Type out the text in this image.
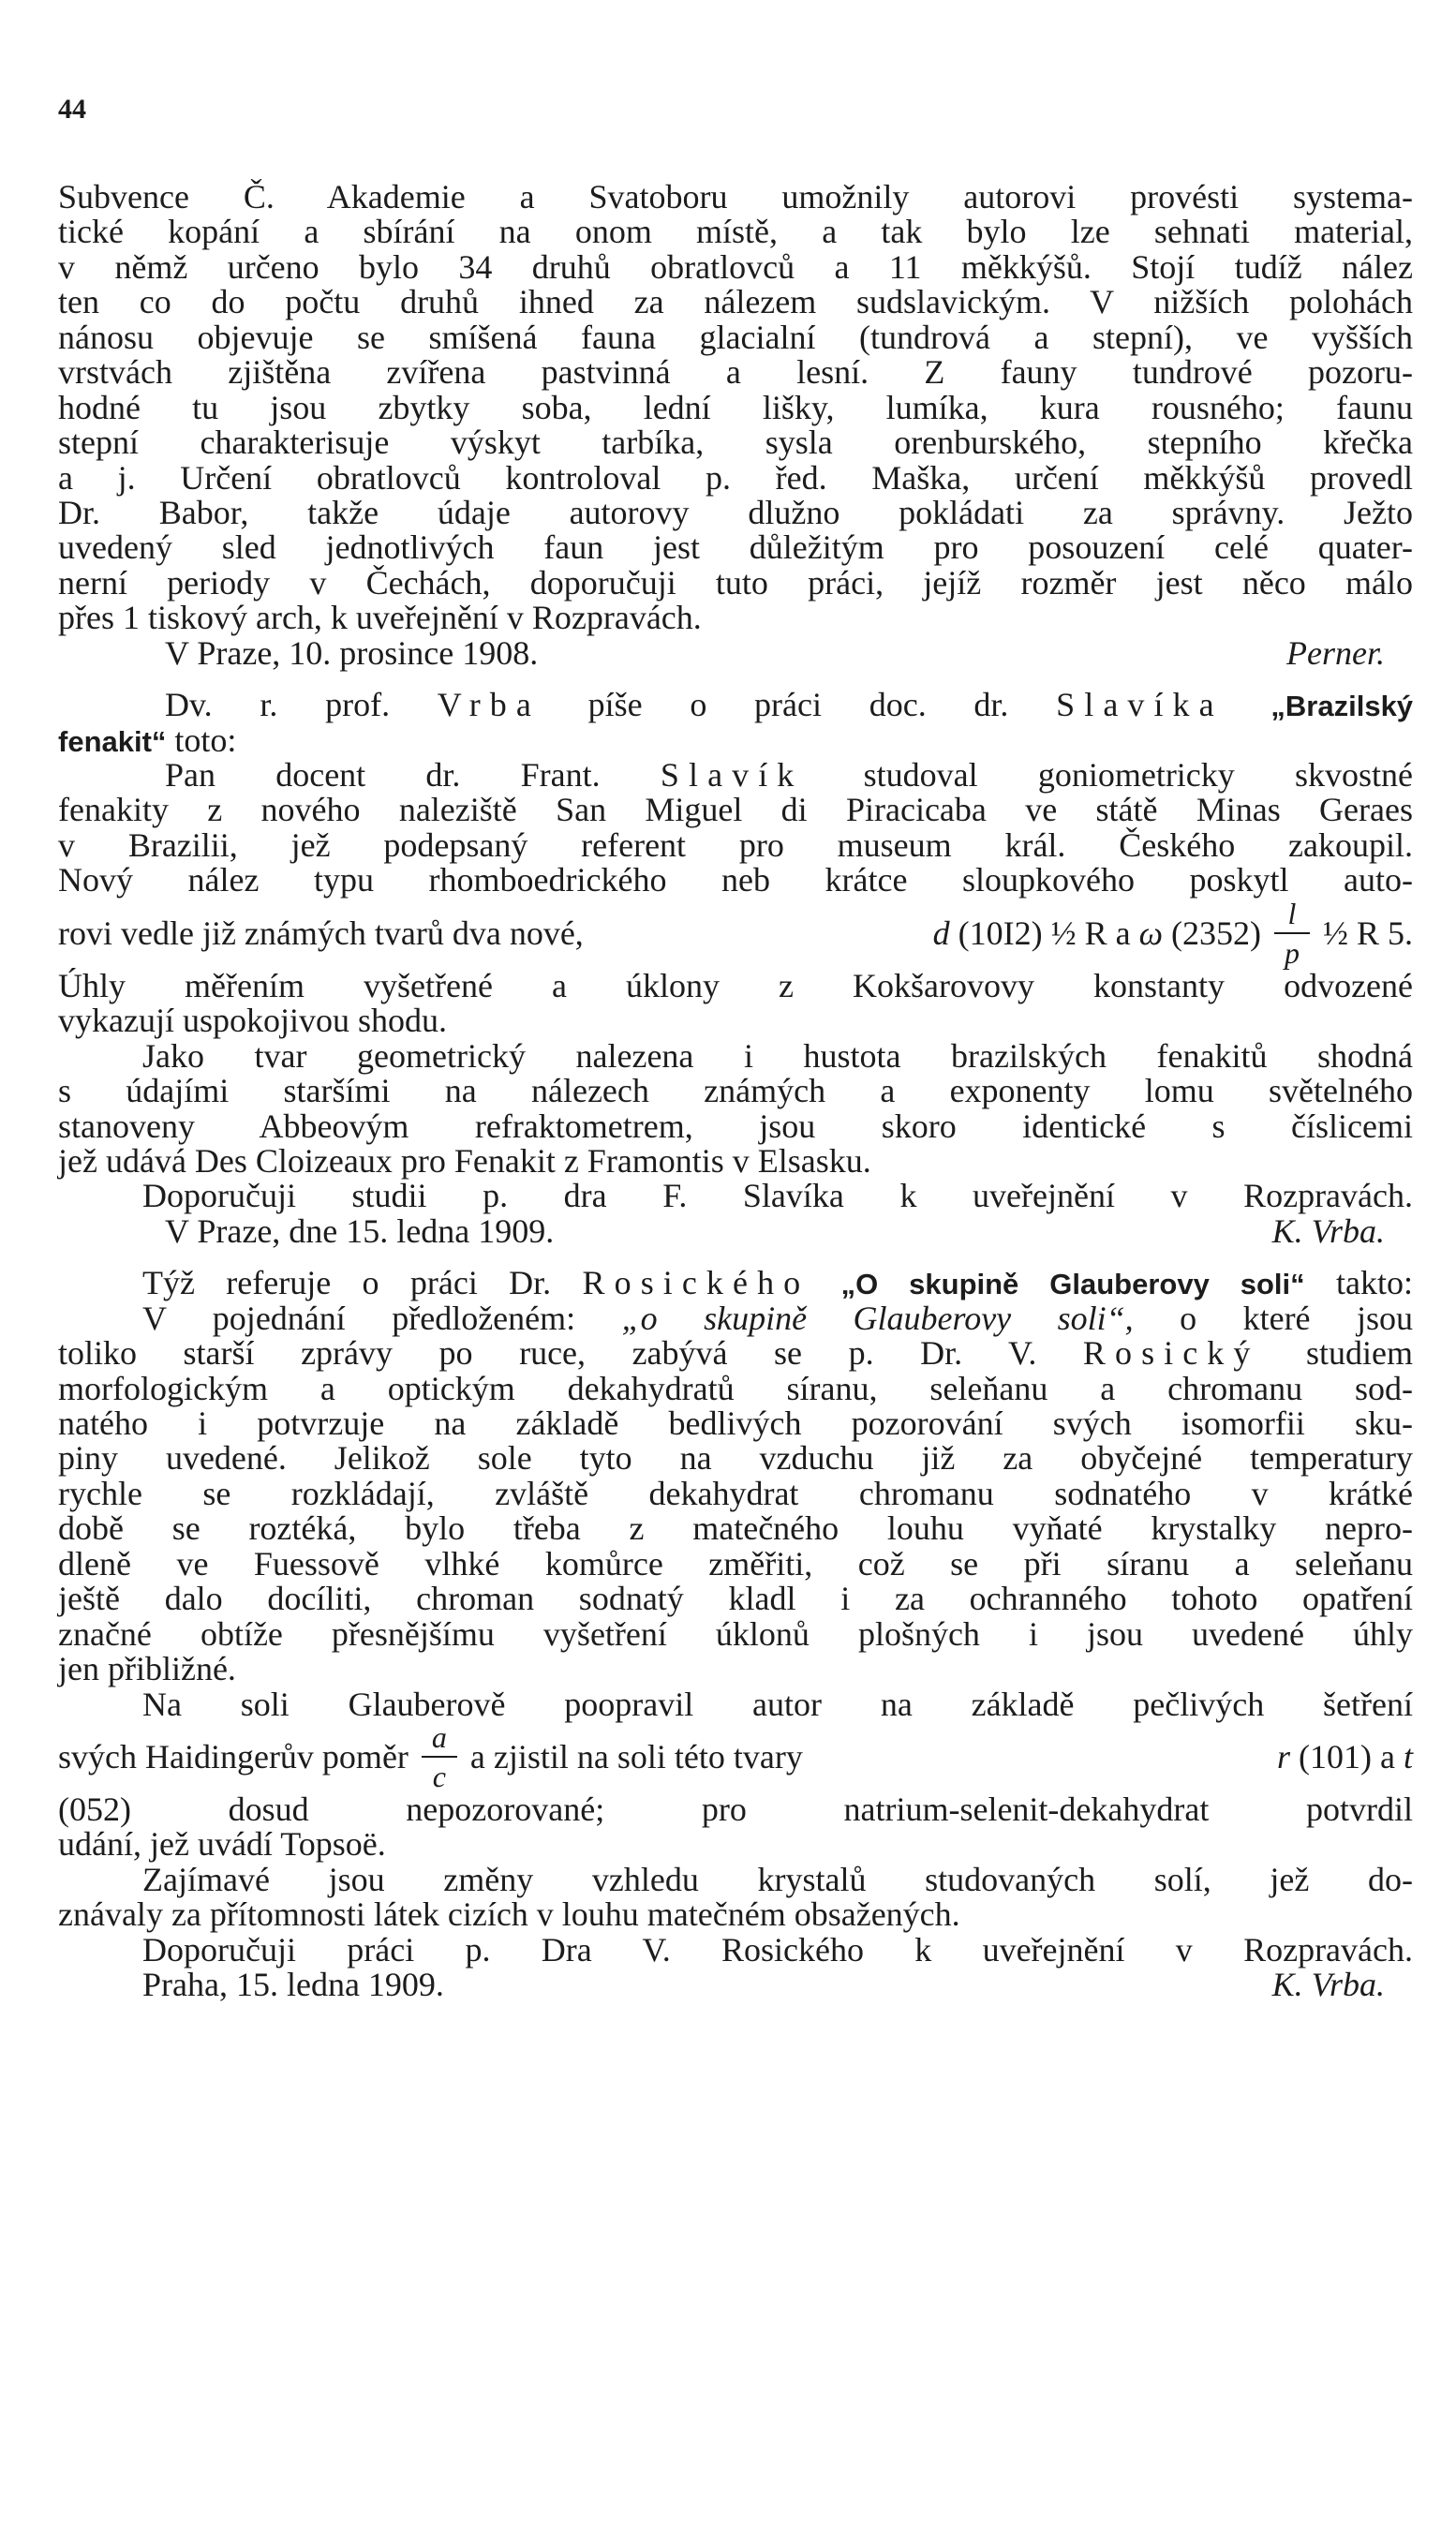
44
Subvence Č. Akademie a Svatoboru umožnily autorovi provésti systema-
tické kopání a sbírání na onom místě, a tak bylo lze sehnati material,
v němž určeno bylo 34 druhů obratlovců a 11 měkkýšů. Stojí tudíž nález
ten co do počtu druhů ihned za nálezem sudslavickým. V nižších polohách
nánosu objevuje se smíšená fauna glacialní (tundrová a stepní), ve vyšších
vrstvách zjištěna zvířena pastvinná a lesní. Z fauny tundrové pozoru-
hodné tu jsou zbytky soba, lední lišky, lumíka, kura rousného; faunu
stepní charakterisuje výskyt tarbíka, sysla orenburského, stepního křečka
a j. Určení obratlovců kontroloval p. řed. Maška, určení měkkýšů provedl
Dr. Babor, takže údaje autorovy dlužno pokládati za správny. Ježto
uvedený sled jednotlivých faun jest důležitým pro posouzení celé quater-
nerní periody v Čechách, doporučuji tuto práci, jejíž rozměr jest něco málo
přes 1 tiskový arch, k uveřejnění v Rozpravách.
V Praze, 10. prosince 1908.	Perner.
Dv. r. prof. Vrba píše o práci doc. dr. Slavíka „Brazilský
fenakit“ toto:
Pan docent dr. Frant. Slavík studoval goniometricky skvostné
fenakity z nového naleziště San Miguel di Piracicaba ve státě Minas Geraes
v Brazilii, jež podepsaný referent pro museum král. Českého zakoupil.
Nový nález typu rhomboedrického neb krátce sloupkového poskytl auto-
rovi vedle již známých tvarů dva nové,	d (10I2) ½ R a ω $(2352) \frac{l}{p}$ ½ R 5.
Úhly měřením vyšetřené a úklony z Kokšarovovy konstanty odvozené
vykazují uspokojivou shodu.
Jako tvar geometrický nalezena i hustota brazilských fenakitů shodná
s údajími staršími na nálezech známých a exponenty lomu světelného
stanoveny Abbeovým refraktometrem, jsou skoro identické s číslicemi
jež udává Des Cloizeaux pro Fenakit z Framontis v Elsasku.
Doporučuji studii p. dra F. Slavíka k uveřejnění v Rozpravách.
V Praze, dne 15. ledna 1909.	K. Vrba.
Týž referuje o práci Dr. Rosického „O skupině Glauberovy soli“ takto:
V pojednání předloženém: „o skupině Glauberovy soli“, o které jsou
toliko starší zprávy po ruce, zabývá se p. Dr. V. Rosický studiem
morfologickým a optickým dekahydratů síranu, seleňanu a chromanu sod-
natého i potvrzuje na základě bedlivých pozorování svých isomorfii sku-
piny uvedené. Jelikož sole tyto na vzduchu již za obyčejné temperatury
rychle se rozkládají, zvláště dekahydrat chromanu sodnatého v krátké
době se roztéká, bylo třeba z matečného louhu vyňaté krystalky nepro-
dleně ve Fuessově vlhké komůrce změřiti, což se při síranu a seleňanu
ještě dalo docíliti, chroman sodnatý kladl i za ochranného tohoto opatření
značné obtíže přesnějšímu vyšetření úklonů plošných i jsou uvedené úhly
jen přibližné.
Na soli Glauberově poopravil autor na základě pečlivých šetření
svých Haidingerův poměr $\frac{a}{c}$ a zjistil na soli této tvary	r (101) a t
(052) dosud nepozorované; pro natrium-selenit-dekahydrat potvrdil
udání, jež uvádí Topsoë.
Zajímavé jsou změny vzhledu krystalů studovaných solí, jež do-
znávaly za přítomnosti látek cizích v louhu matečném obsažených.
Doporučuji práci p. Dra V. Rosického k uveřejnění v Rozpravách.
Praha, 15. ledna 1909.	K. Vrba.
